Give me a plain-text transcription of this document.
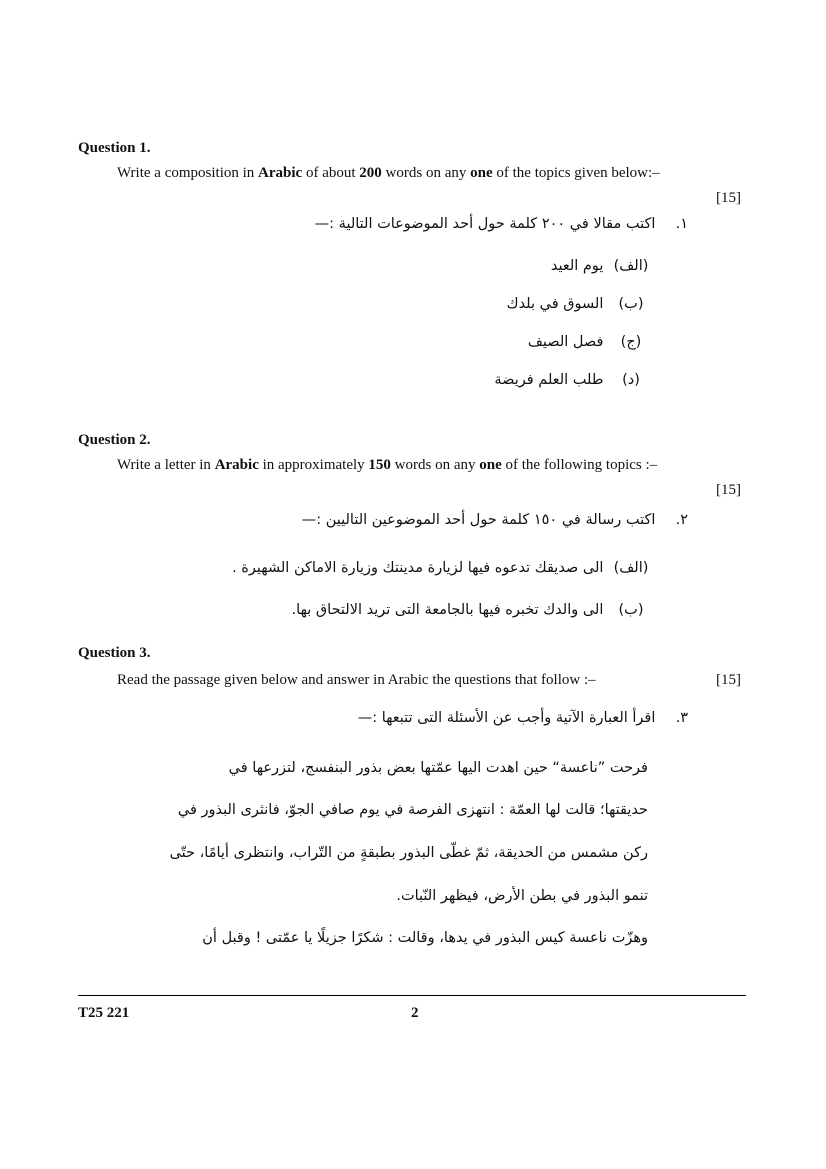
Question 1.
Write a composition in Arabic of about 200 words on any one of the topics given below:–
[15]
١. اكتب مقالا في ٢٠٠ كلمة حول أحد الموضوعات التالية :—
(الف) يوم العيد
(ب) السوق في بلدك
(ج) فصل الصيف
(د) طلب العلم فريضة
Question 2.
Write a letter in Arabic in approximately 150 words on any one of the following topics :–
[15]
٢. اكتب رسالة في ١٥٠ كلمة حول أحد الموضوعين التاليين :—
(الف) الى صديقك تدعوه فيها لزيارة مدينتك وزيارة الاماكن الشهيرة .
(ب) الى والدك تخبره فيها بالجامعة التى تريد الالتحاق بها.
Question 3.
Read the passage given below and answer in Arabic the questions that follow :–	[15]
٣. اقرأ العبارة الآتية وأجب عن الأسئلة التى تتبعها :—
فرحت ”ناعسة“ حين اهدت اليها عمّتها بعض بذور البنفسج، لتزرعها في
حديقتها؛ قالت لها العمّة : انتهزى الفرصة في يوم صافي الجوّ، فانثرى البذور في
ركن مشمس من الحديقة، ثمّ غطّى البذور بطبقةٍ من التّراب، وانتظرى أيامًا، حتّى
تنمو البذور في بطن الأرض، فيظهر النّبات.
وهزّت ناعسة كيس البذور في يدها، وقالت : شكرًا جزيلًا يا عمّتى ! وقبل أن
T25 221	2
